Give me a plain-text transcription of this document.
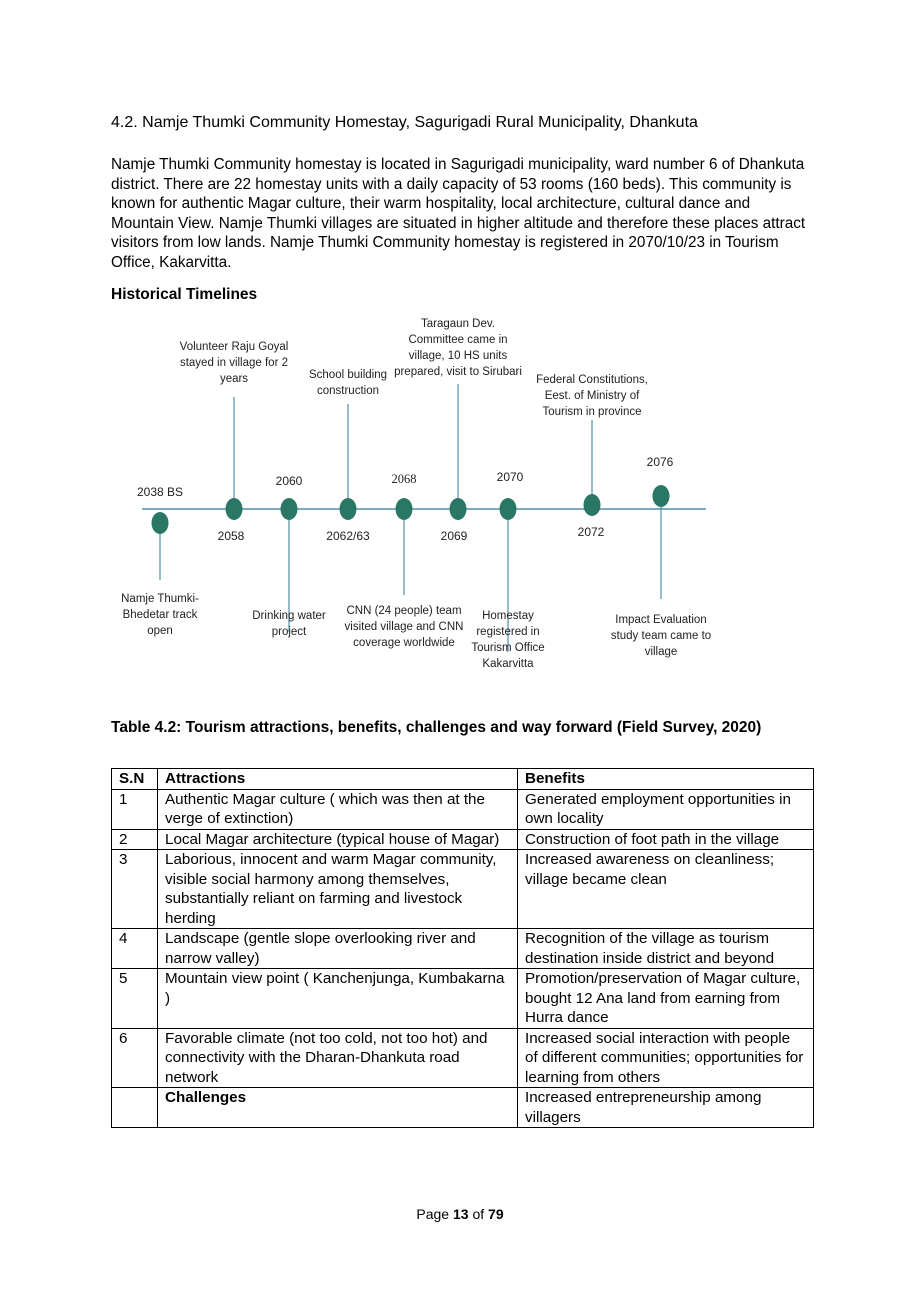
4.2. Namje Thumki Community Homestay, Sagurigadi Rural Municipality, Dhankuta
Namje Thumki Community homestay is located in Sagurigadi municipality, ward number 6 of Dhankuta district. There are 22 homestay units with a daily capacity of 53 rooms (160 beds). This community is known for authentic Magar culture, their warm hospitality, local architecture, cultural dance and Mountain View. Namje Thumki villages are situated in higher altitude and therefore these places attract visitors from low lands. Namje Thumki Community homestay is registered in 2070/10/23 in Tourism Office, Kakarvitta.
Historical Timelines
2038 BS
Namje Thumki-Bhedetar track open
2058
Volunteer Raju Goyal stayed in village for 2 years
2060
Drinking water project
2062/63
School building construction
2068
CNN (24 people) team visited village and CNN coverage worldwide
2069
Taragaun Dev. Committee came in village, 10 HS units prepared, visit to Sirubari
2070
Homestay registered in Tourism Office Kakarvitta
2072
Federal Constitutions, Eest. of Ministry of Tourism in province
2076
Impact Evaluation study team came to village
Table 4.2: Tourism attractions, benefits, challenges and way forward (Field Survey, 2020)
S.N	Attractions	Benefits
1	Authentic Magar culture ( which was then at the verge of extinction)	Generated employment opportunities in own locality
2	Local Magar architecture (typical house of Magar)	Construction of foot path in the village
3	Laborious, innocent and warm Magar community, visible social harmony among themselves, substantially reliant on farming and livestock herding	Increased awareness on cleanliness; village became clean
4	Landscape (gentle slope overlooking river and narrow valley)	Recognition of the village as tourism destination inside district and beyond
5	Mountain view point ( Kanchenjunga, Kumbakarna )	Promotion/preservation of Magar culture, bought 12 Ana land from earning from Hurra dance
6	Favorable climate (not too cold, not too hot) and connectivity with the Dharan-Dhankuta road network	Increased social interaction with people of different communities; opportunities for learning from others
	Challenges	Increased entrepreneurship among villagers
Page 13 of 79
